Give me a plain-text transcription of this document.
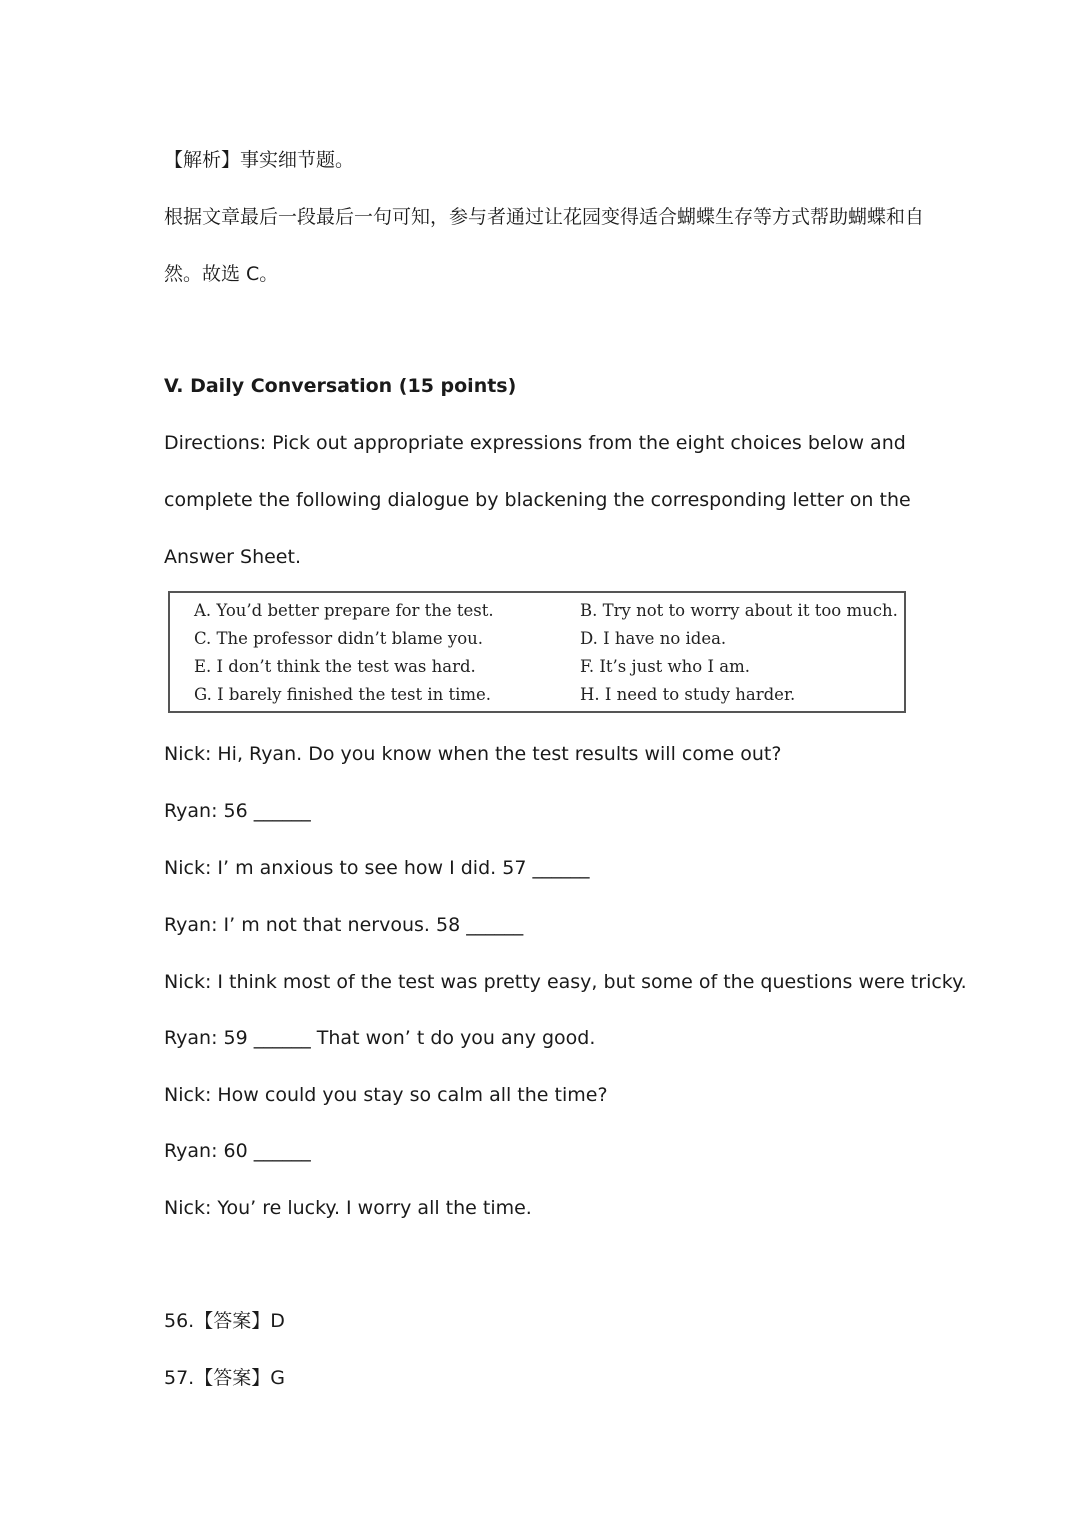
【解析】事实细节题。
根据文章最后一段最后一句可知，参与者通过让花园变得适合蝴蝶生存等方式帮助蝴蝶和自
然。故选 C。
V. Daily Conversation (15 points)
Directions: Pick out appropriate expressions from the eight choices below and
complete the following dialogue by blackening the corresponding letter on the
Answer Sheet.
A. You’d better prepare for the test.	B. Try not to worry about it too much.
C. The professor didn’t blame you.	D. I have no idea.
E. I don’t think the test was hard.	F. It’s just who I am.
G. I barely finished the test in time.	H. I need to study harder.
Nick: Hi, Ryan. Do you know when the test results will come out?
Ryan: 56 ______
Nick: I’ m anxious to see how I did. 57 ______
Ryan: I’ m not that nervous. 58 ______
Nick: I think most of the test was pretty easy, but some of the questions were tricky.
Ryan: 59 ______ That won’ t do you any good.
Nick: How could you stay so calm all the time?
Ryan: 60 ______
Nick: You’ re lucky. I worry all the time.
56.【答案】D
57.【答案】G
